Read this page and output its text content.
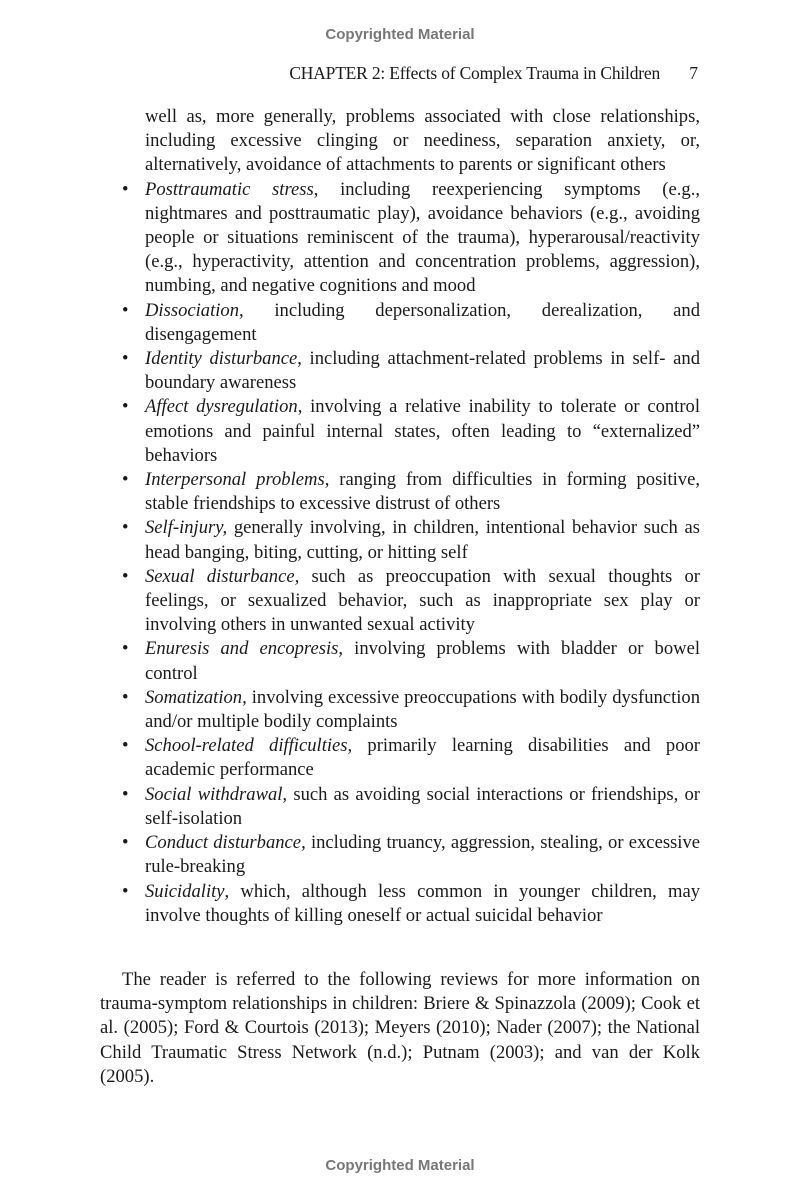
Copyrighted Material
CHAPTER 2: Effects of Complex Trauma in Children 7
well as, more generally, problems associated with close relationships, including excessive clinging or neediness, separation anxiety, or, alternatively, avoidance of attachments to parents or significant others
• Posttraumatic stress, including reexperiencing symptoms (e.g., nightmares and posttraumatic play), avoidance behaviors (e.g., avoiding people or situations reminiscent of the trauma), hyperarousal/reactivity (e.g., hyperactivity, attention and concentration problems, aggression), numbing, and negative cognitions and mood
• Dissociation, including depersonalization, derealization, and disengagement
• Identity disturbance, including attachment-related problems in self- and boundary awareness
• Affect dysregulation, involving a relative inability to tolerate or control emotions and painful internal states, often leading to “externalized” behaviors
• Interpersonal problems, ranging from difficulties in forming positive, stable friendships to excessive distrust of others
• Self-injury, generally involving, in children, intentional behavior such as head banging, biting, cutting, or hitting self
• Sexual disturbance, such as preoccupation with sexual thoughts or feelings, or sexualized behavior, such as inappropriate sex play or involving others in unwanted sexual activity
• Enuresis and encopresis, involving problems with bladder or bowel control
• Somatization, involving excessive preoccupations with bodily dysfunction and/or multiple bodily complaints
• School-related difficulties, primarily learning disabilities and poor academic performance
• Social withdrawal, such as avoiding social interactions or friendships, or self-isolation
• Conduct disturbance, including truancy, aggression, stealing, or excessive rule-breaking
• Suicidality, which, although less common in younger children, may involve thoughts of killing oneself or actual suicidal behavior

The reader is referred to the following reviews for more information on trauma-symptom relationships in children: Briere & Spinazzola (2009); Cook et al. (2005); Ford & Courtois (2013); Meyers (2010); Nader (2007); the National Child Traumatic Stress Network (n.d.); Putnam (2003); and van der Kolk (2005).

Copyrighted Material
